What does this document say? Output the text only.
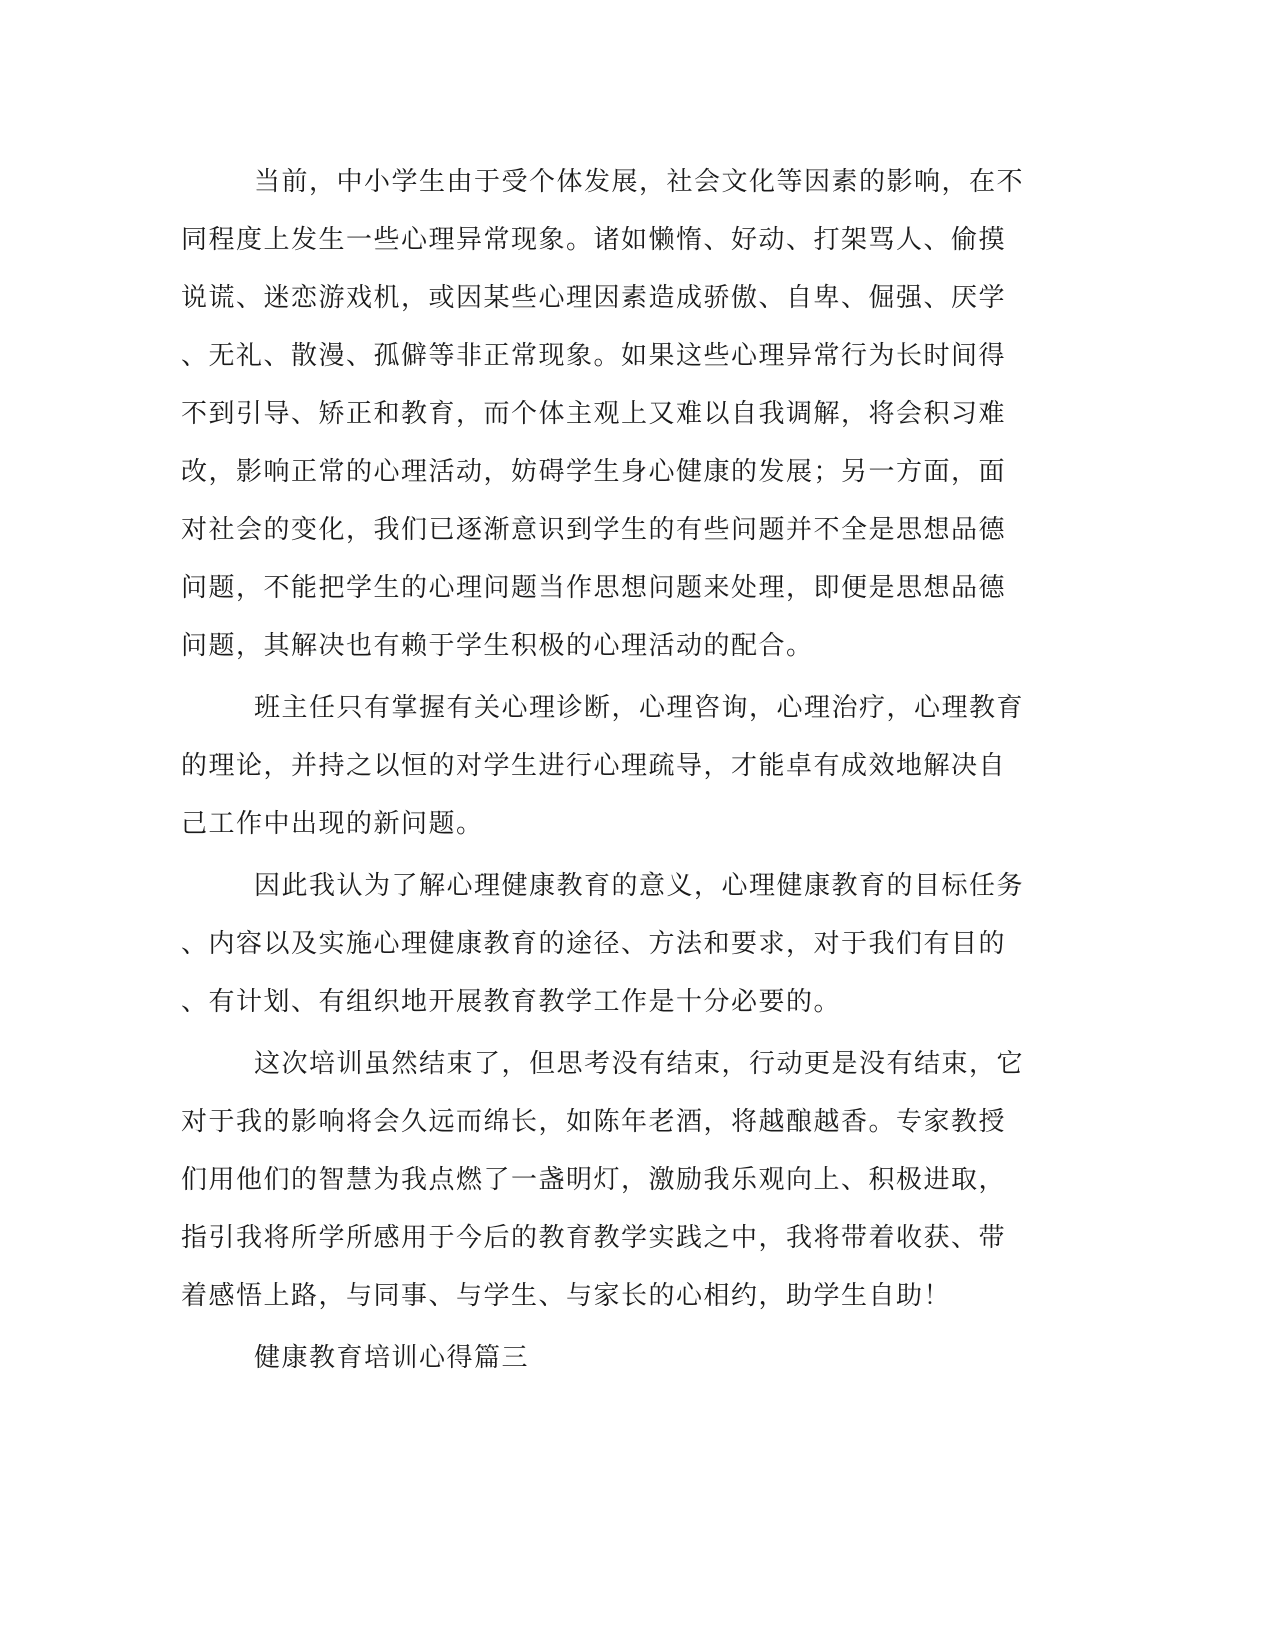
当前，中小学生由于受个体发展，社会文化等因素的影响，在不
同程度上发生一些心理异常现象。诸如懒惰、好动、打架骂人、偷摸
说谎、迷恋游戏机，或因某些心理因素造成骄傲、自卑、倔强、厌学
、无礼、散漫、孤僻等非正常现象。如果这些心理异常行为长时间得
不到引导、矫正和教育，而个体主观上又难以自我调解，将会积习难
改，影响正常的心理活动，妨碍学生身心健康的发展；另一方面，面
对社会的变化，我们已逐渐意识到学生的有些问题并不全是思想品德
问题，不能把学生的心理问题当作思想问题来处理，即便是思想品德
问题，其解决也有赖于学生积极的心理活动的配合。
班主任只有掌握有关心理诊断，心理咨询，心理治疗，心理教育
的理论，并持之以恒的对学生进行心理疏导，才能卓有成效地解决自
己工作中出现的新问题。
因此我认为了解心理健康教育的意义，心理健康教育的目标任务
、内容以及实施心理健康教育的途径、方法和要求，对于我们有目的
、有计划、有组织地开展教育教学工作是十分必要的。
这次培训虽然结束了，但思考没有结束，行动更是没有结束，它
对于我的影响将会久远而绵长，如陈年老酒，将越酿越香。专家教授
们用他们的智慧为我点燃了一盏明灯，激励我乐观向上、积极进取，
指引我将所学所感用于今后的教育教学实践之中，我将带着收获、带
着感悟上路，与同事、与学生、与家长的心相约，助学生自助！
健康教育培训心得篇三
